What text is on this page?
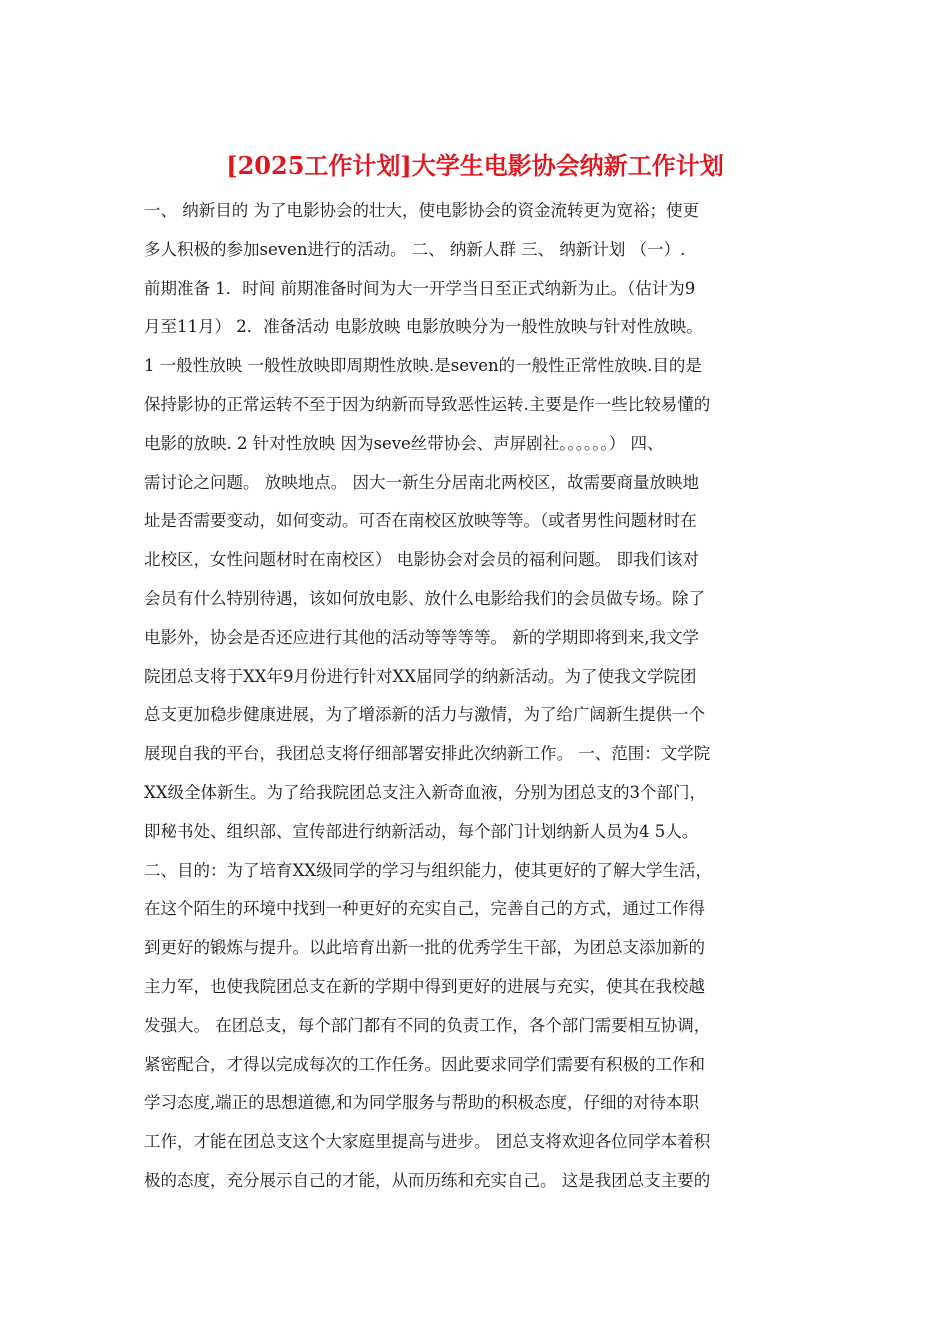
[2025工作计划]大学生电影协会纳新工作计划
一、 纳新目的 为了电影协会的壮大，使电影协会的资金流转更为宽裕；使更
多人积极的参加seven进行的活动。 二、 纳新人群 三、 纳新计划 （一）.
前期准备 1．时间 前期准备时间为大一开学当日至正式纳新为止。（估计为9
月至11月） 2．准备活动 电影放映 电影放映分为一般性放映与针对性放映。
1 一般性放映 一般性放映即周期性放映.是seven的一般性正常性放映.目的是
保持影协的正常运转不至于因为纳新而导致恶性运转.主要是作一些比较易懂的
电影的放映. 2 针对性放映 因为seve丝带协会、声屏剧社。。。。。。） 四、
需讨论之问题。 放映地点。 因大一新生分居南北两校区，故需要商量放映地
址是否需要变动，如何变动。可否在南校区放映等等。（或者男性问题材时在
北校区，女性问题材时在南校区） 电影协会对会员的福利问题。 即我们该对
会员有什么特别待遇，该如何放电影、放什么电影给我们的会员做专场。除了
电影外，协会是否还应进行其他的活动等等等等。 新的学期即将到来,我文学
院团总支将于XX年9月份进行针对XX届同学的纳新活动。为了使我文学院团
总支更加稳步健康进展，为了增添新的活力与激情，为了给广阔新生提供一个
展现自我的平台，我团总支将仔细部署安排此次纳新工作。 一、范围：文学院
XX级全体新生。为了给我院团总支注入新奇血液，分别为团总支的3个部门，
即秘书处、组织部、宣传部进行纳新活动，每个部门计划纳新人员为4 5人。
二、目的：为了培育XX级同学的学习与组织能力，使其更好的了解大学生活，
在这个陌生的环境中找到一种更好的充实自己，完善自己的方式，通过工作得
到更好的锻炼与提升。以此培育出新一批的优秀学生干部，为团总支添加新的
主力军，也使我院团总支在新的学期中得到更好的进展与充实，使其在我校越
发强大。 在团总支，每个部门都有不同的负责工作，各个部门需要相互协调，
紧密配合，才得以完成每次的工作任务。因此要求同学们需要有积极的工作和
学习态度,端正的思想道德,和为同学服务与帮助的积极态度，仔细的对待本职
工作，才能在团总支这个大家庭里提高与进步。 团总支将欢迎各位同学本着积
极的态度，充分展示自己的才能，从而历练和充实自己。 这是我团总支主要的
